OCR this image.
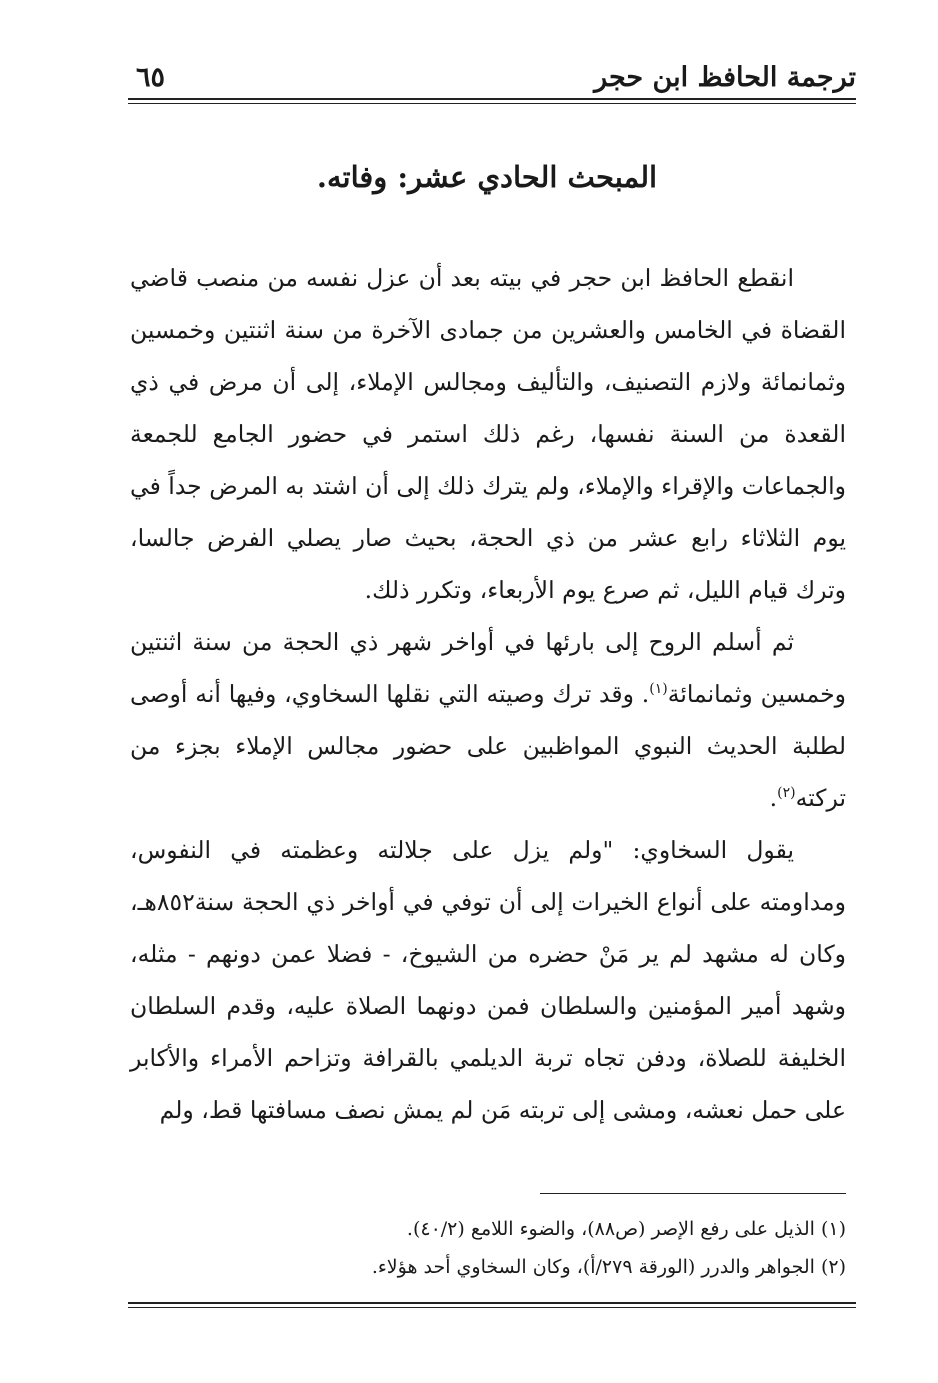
ترجمة الحافظ ابن حجر
٦٥
المبحث الحادي عشر: وفاته.

انقطع الحافظ ابن حجر في بيته بعد أن عزل نفسه من منصب قاضي القضاة في الخامس والعشرين من جمادى الآخرة من سنة اثنتين وخمسين وثمانمائة ولازم التصنيف، والتأليف ومجالس الإملاء، إلى أن مرض في ذي القعدة من السنة نفسها، رغم ذلك استمر في حضور الجامع للجمعة والجماعات والإقراء والإملاء، ولم يترك ذلك إلى أن اشتد به المرض جداً في يوم الثلاثاء رابع عشر من ذي الحجة، بحيث صار يصلي الفرض جالسا، وترك قيام الليل، ثم صرع يوم الأربعاء، وتكرر ذلك.

ثم أسلم الروح إلى بارئها في أواخر شهر ذي الحجة من سنة اثنتين وخمسين وثمانمائة$^{(١)}$. وقد ترك وصيته التي نقلها السخاوي، وفيها أنه أوصى لطلبة الحديث النبوي المواظبين على حضور مجالس الإملاء بجزء من تركته$^{(٢)}$.

يقول السخاوي: "ولم يزل على جلالته وعظمته في النفوس، ومداومته على أنواع الخيرات إلى أن توفي في أواخر ذي الحجة سنة٨٥٢هـ، وكان له مشهد لم ير مَنْ حضره من الشيوخ، - فضلا عمن دونهم - مثله، وشهد أمير المؤمنين والسلطان فمن دونهما الصلاة عليه، وقدم السلطان الخليفة للصلاة، ودفن تجاه تربة الديلمي بالقرافة وتزاحم الأمراء والأكابر على حمل نعشه، ومشى إلى تربته مَن لم يمش نصف مسافتها قط، ولم

(١) الذيل على رفع الإصر (ص٨٨)، والضوء اللامع (٤٠/٢).

(٢) الجواهر والدرر (الورقة ٢٧٩/أ)، وكان السخاوي أحد هؤلاء.
